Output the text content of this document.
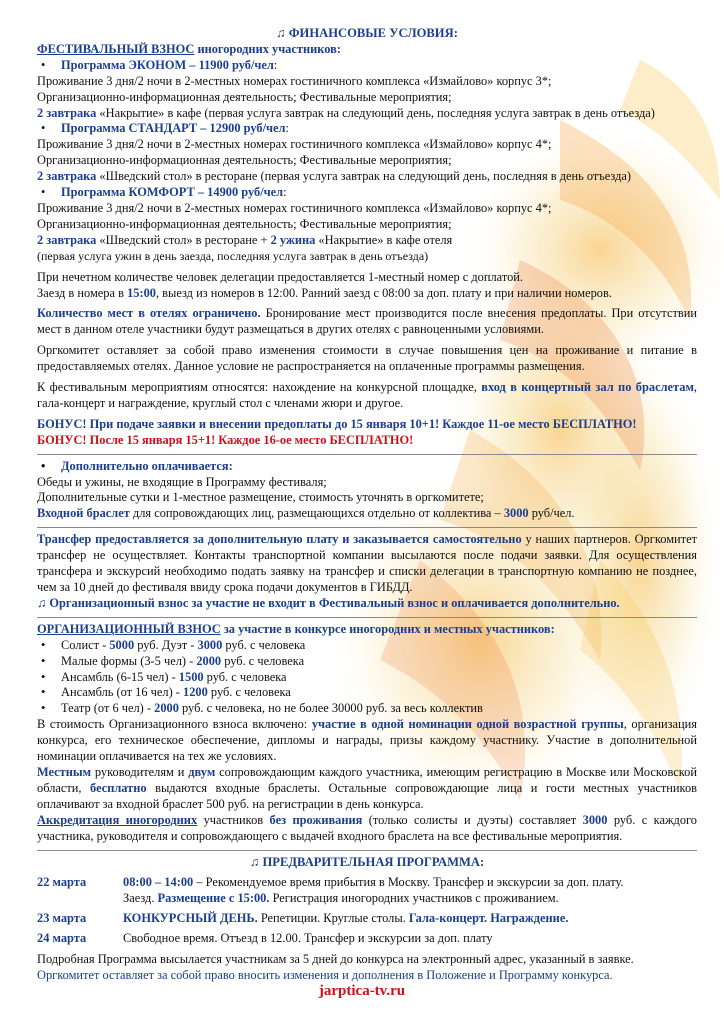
♫ ФИНАНСОВЫЕ УСЛОВИЯ:
ФЕСТИВАЛЬНЫЙ ВЗНОС иногородних участников:
• Программа ЭКОНОМ – 11900 руб/чел:
Проживание 3 дня/2 ночи в 2-местных номерах гостиничного комплекса «Измайлово» корпус 3*;
Организационно-информационная деятельность; Фестивальные мероприятия;
2 завтрака «Накрытие» в кафе (первая услуга завтрак на следующий день, последняя услуга завтрак в день отъезда)
• Программа СТАНДАРТ – 12900 руб/чел:
Проживание 3 дня/2 ночи в 2-местных номерах гостиничного комплекса «Измайлово» корпус 4*;
Организационно-информационная деятельность; Фестивальные мероприятия;
2 завтрака «Шведский стол» в ресторане (первая услуга завтрак на следующий день, последняя в день отъезда)
• Программа КОМФОРТ – 14900 руб/чел:
Проживание 3 дня/2 ночи в 2-местных номерах гостиничного комплекса «Измайлово» корпус 4*;
Организационно-информационная деятельность; Фестивальные мероприятия;
2 завтрака «Шведский стол» в ресторане + 2 ужина «Накрытие» в кафе отеля
(первая услуга ужин в день заезда, последняя услуга завтрак в день отъезда)
При нечетном количестве человек делегации предоставляется 1-местный номер с доплатой.
Заезд в номера в 15:00, выезд из номеров в 12:00. Ранний заезд с 08:00 за доп. плату и при наличии номеров.
Количество мест в отелях ограничено. Бронирование мест производится после внесения предоплаты. При отсутствии мест в данном отеле участники будут размещаться в других отелях с равноценными условиями.
Оргкомитет оставляет за собой право изменения стоимости в случае повышения цен на проживание и питание в предоставляемых отелях. Данное условие не распространяется на оплаченные программы размещения.
К фестивальным мероприятиям относятся: нахождение на конкурсной площадке, вход в концертный зал по браслетам, гала-концерт и награждение, круглый стол с членами жюри и другое.
БОНУС! При подаче заявки и внесении предоплаты до 15 января 10+1! Каждое 11-ое место БЕСПЛАТНО!
БОНУС! После 15 января 15+1! Каждое 16-ое место БЕСПЛАТНО!
• Дополнительно оплачивается:
Обеды и ужины, не входящие в Программу фестиваля;
Дополнительные сутки и 1-местное размещение, стоимость уточнять в оргкомитете;
Входной браслет для сопровождающих лиц, размещающихся отдельно от коллектива – 3000 руб/чел.
Трансфер предоставляется за дополнительную плату и заказывается самостоятельно у наших партнеров. Оргкомитет трансфер не осуществляет. Контакты транспортной компании высылаются после подачи заявки. Для осуществления трансфера и экскурсий необходимо подать заявку на трансфер и списки делегации в транспортную компанию не позднее, чем за 10 дней до фестиваля ввиду срока подачи документов в ГИБДД.
♫ Организационный взнос за участие не входит в Фестивальный взнос и оплачивается дополнительно.
ОРГАНИЗАЦИОННЫЙ ВЗНОС за участие в конкурсе иногородних и местных участников:
• Солист - 5000 руб. Дуэт - 3000 руб. с человека
• Малые формы (3-5 чел) - 2000 руб. с человека
• Ансамбль (6-15 чел) - 1500 руб. с человека
• Ансамбль (от 16 чел) - 1200 руб. с человека
• Театр (от 6 чел) - 2000 руб. с человека, но не более 30000 руб. за весь коллектив
В стоимость Организационного взноса включено: участие в одной номинации одной возрастной группы, организация конкурса, его техническое обеспечение, дипломы и награды, призы каждому участнику. Участие в дополнительной номинации оплачивается на тех же условиях.
Местным руководителям и двум сопровождающим каждого участника, имеющим регистрацию в Москве или Московской области, бесплатно выдаются входные браслеты. Остальные сопровождающие лица и гости местных участников оплачивают за входной браслет 500 руб. на регистрации в день конкурса.
Аккредитация иногородних участников без проживания (только солисты и дуэты) составляет 3000 руб. с каждого участника, руководителя и сопровождающего с выдачей входного браслета на все фестивальные мероприятия.
♫ ПРЕДВАРИТЕЛЬНАЯ ПРОГРАММА:
22 марта	08:00 – 14:00 – Рекомендуемое время прибытия в Москву. Трансфер и экскурсии за доп. плату.
Заезд. Размещение с 15:00. Регистрация иногородних участников с проживанием.
23 марта	КОНКУРСНЫЙ ДЕНЬ. Репетиции. Круглые столы. Гала-концерт. Награждение.
24 марта	Свободное время. Отъезд в 12.00. Трансфер и экскурсии за доп. плату
Подробная Программа высылается участникам за 5 дней до конкурса на электронный адрес, указанный в заявке.
Оргкомитет оставляет за собой право вносить изменения и дополнения в Положение и Программу конкурса.
jarptica-tv.ru
